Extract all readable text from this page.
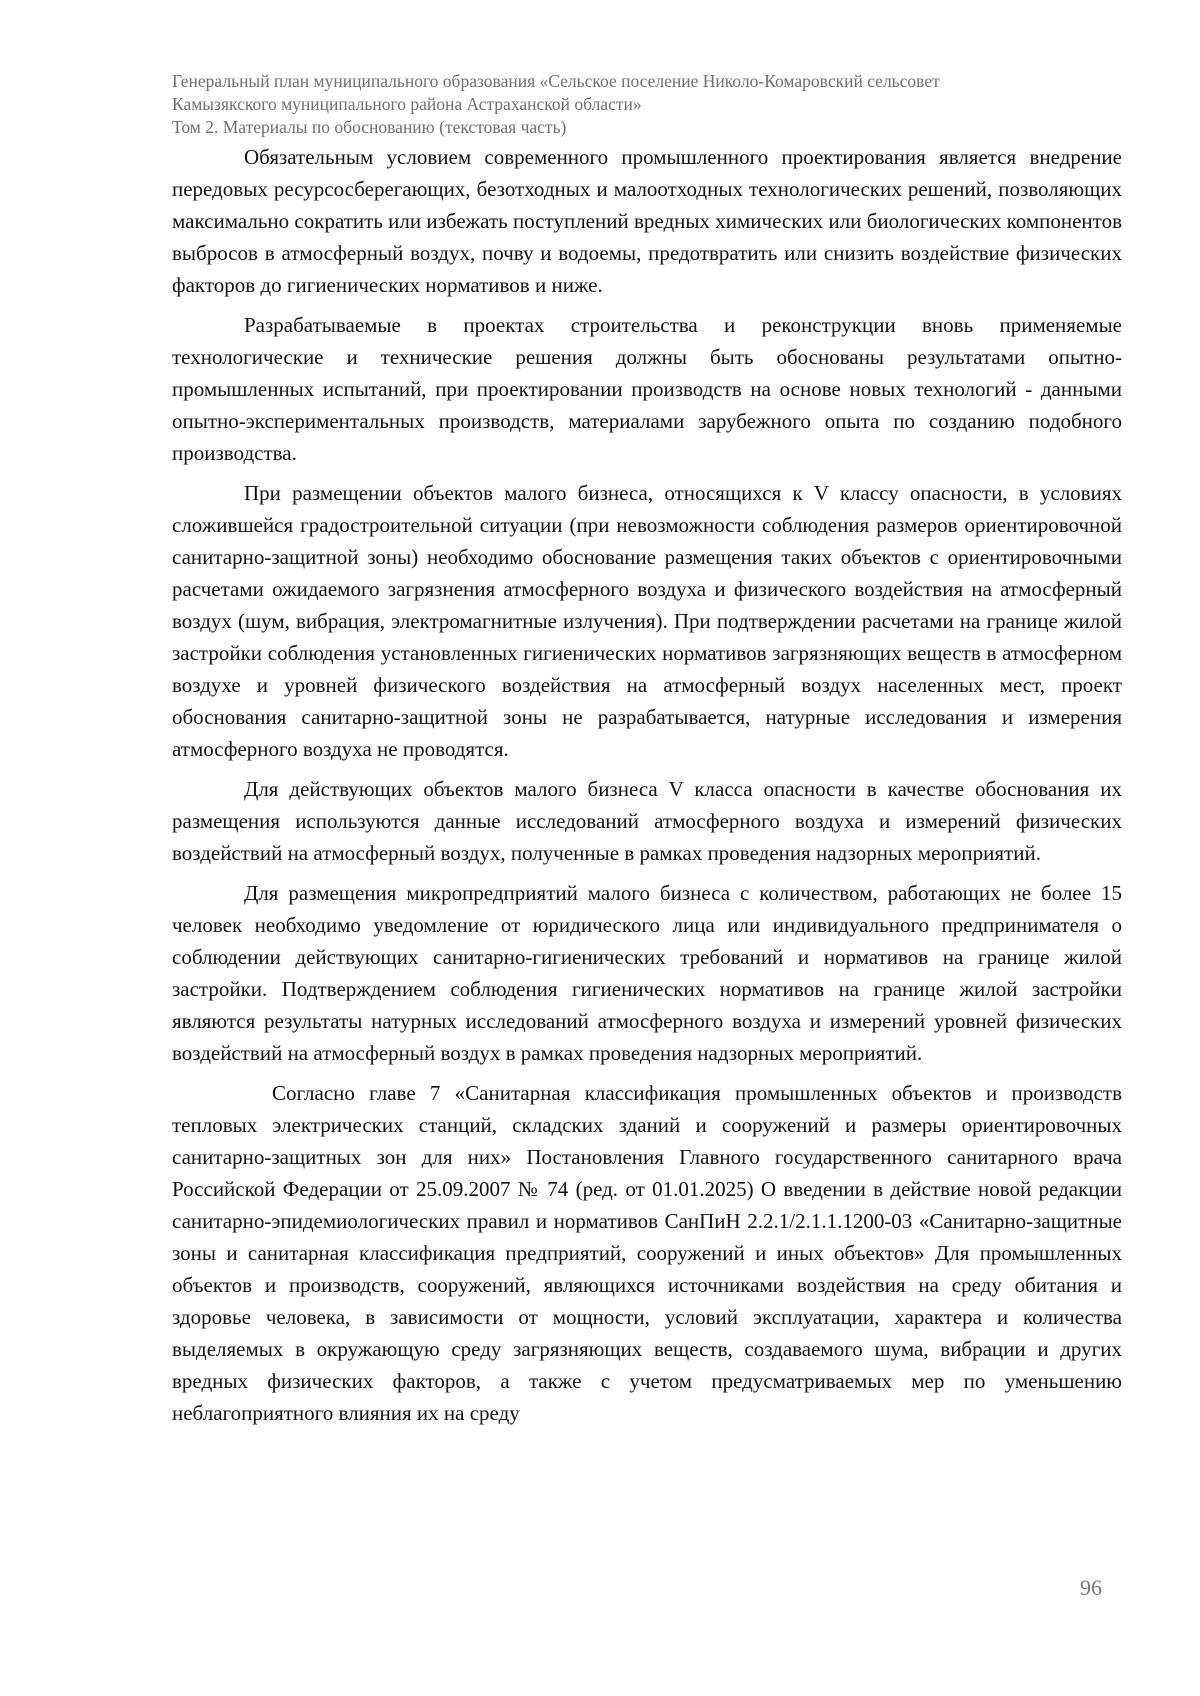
Генеральный план муниципального образования «Сельское поселение Николо-Комаровский сельсовет
Камызякского муниципального района Астраханской области»
Том 2. Материалы по обоснованию (текстовая часть)

Обязательным условием современного промышленного проектирования является внедрение передовых ресурсосберегающих, безотходных и малоотходных технологических решений, позволяющих максимально сократить или избежать поступлений вредных химических или биологических компонентов выбросов в атмосферный воздух, почву и водоемы, предотвратить или снизить воздействие физических факторов до гигиенических нормативов и ниже.

Разрабатываемые в проектах строительства и реконструкции вновь применяемые технологические и технические решения должны быть обоснованы результатами опытно-промышленных испытаний, при проектировании производств на основе новых технологий - данными опытно-экспериментальных производств, материалами зарубежного опыта по созданию подобного производства.

При размещении объектов малого бизнеса, относящихся к V классу опасности, в условиях сложившейся градостроительной ситуации (при невозможности соблюдения размеров ориентировочной санитарно-защитной зоны) необходимо обоснование размещения таких объектов с ориентировочными расчетами ожидаемого загрязнения атмосферного воздуха и физического воздействия на атмосферный воздух (шум, вибрация, электромагнитные излучения). При подтверждении расчетами на границе жилой застройки соблюдения установленных гигиенических нормативов загрязняющих веществ в атмосферном воздухе и уровней физического воздействия на атмосферный воздух населенных мест, проект обоснования санитарно-защитной зоны не разрабатывается, натурные исследования и измерения атмосферного воздуха не проводятся.

Для действующих объектов малого бизнеса V класса опасности в качестве обоснования их размещения используются данные исследований атмосферного воздуха и измерений физических воздействий на атмосферный воздух, полученные в рамках проведения надзорных мероприятий.

Для размещения микропредприятий малого бизнеса с количеством, работающих не более 15 человек необходимо уведомление от юридического лица или индивидуального предпринимателя о соблюдении действующих санитарно-гигиенических требований и нормативов на границе жилой застройки. Подтверждением соблюдения гигиенических нормативов на границе жилой застройки являются результаты натурных исследований атмосферного воздуха и измерений уровней физических воздействий на атмосферный воздух в рамках проведения надзорных мероприятий.

Согласно главе 7 «Санитарная классификация промышленных объектов и производств тепловых электрических станций, складских зданий и сооружений и размеры ориентировочных санитарно-защитных зон для них» Постановления Главного государственного санитарного врача Российской Федерации от 25.09.2007 № 74 (ред. от 01.01.2025) О введении в действие новой редакции санитарно-эпидемиологических правил и нормативов СанПиН 2.2.1/2.1.1.1200-03 «Санитарно-защитные зоны и санитарная классификация предприятий, сооружений и иных объектов» Для промышленных объектов и производств, сооружений, являющихся источниками воздействия на среду обитания и здоровье человека, в зависимости от мощности, условий эксплуатации, характера и количества выделяемых в окружающую среду загрязняющих веществ, создаваемого шума, вибрации и других вредных физических факторов, а также с учетом предусматриваемых мер по уменьшению неблагоприятного влияния их на среду

96
